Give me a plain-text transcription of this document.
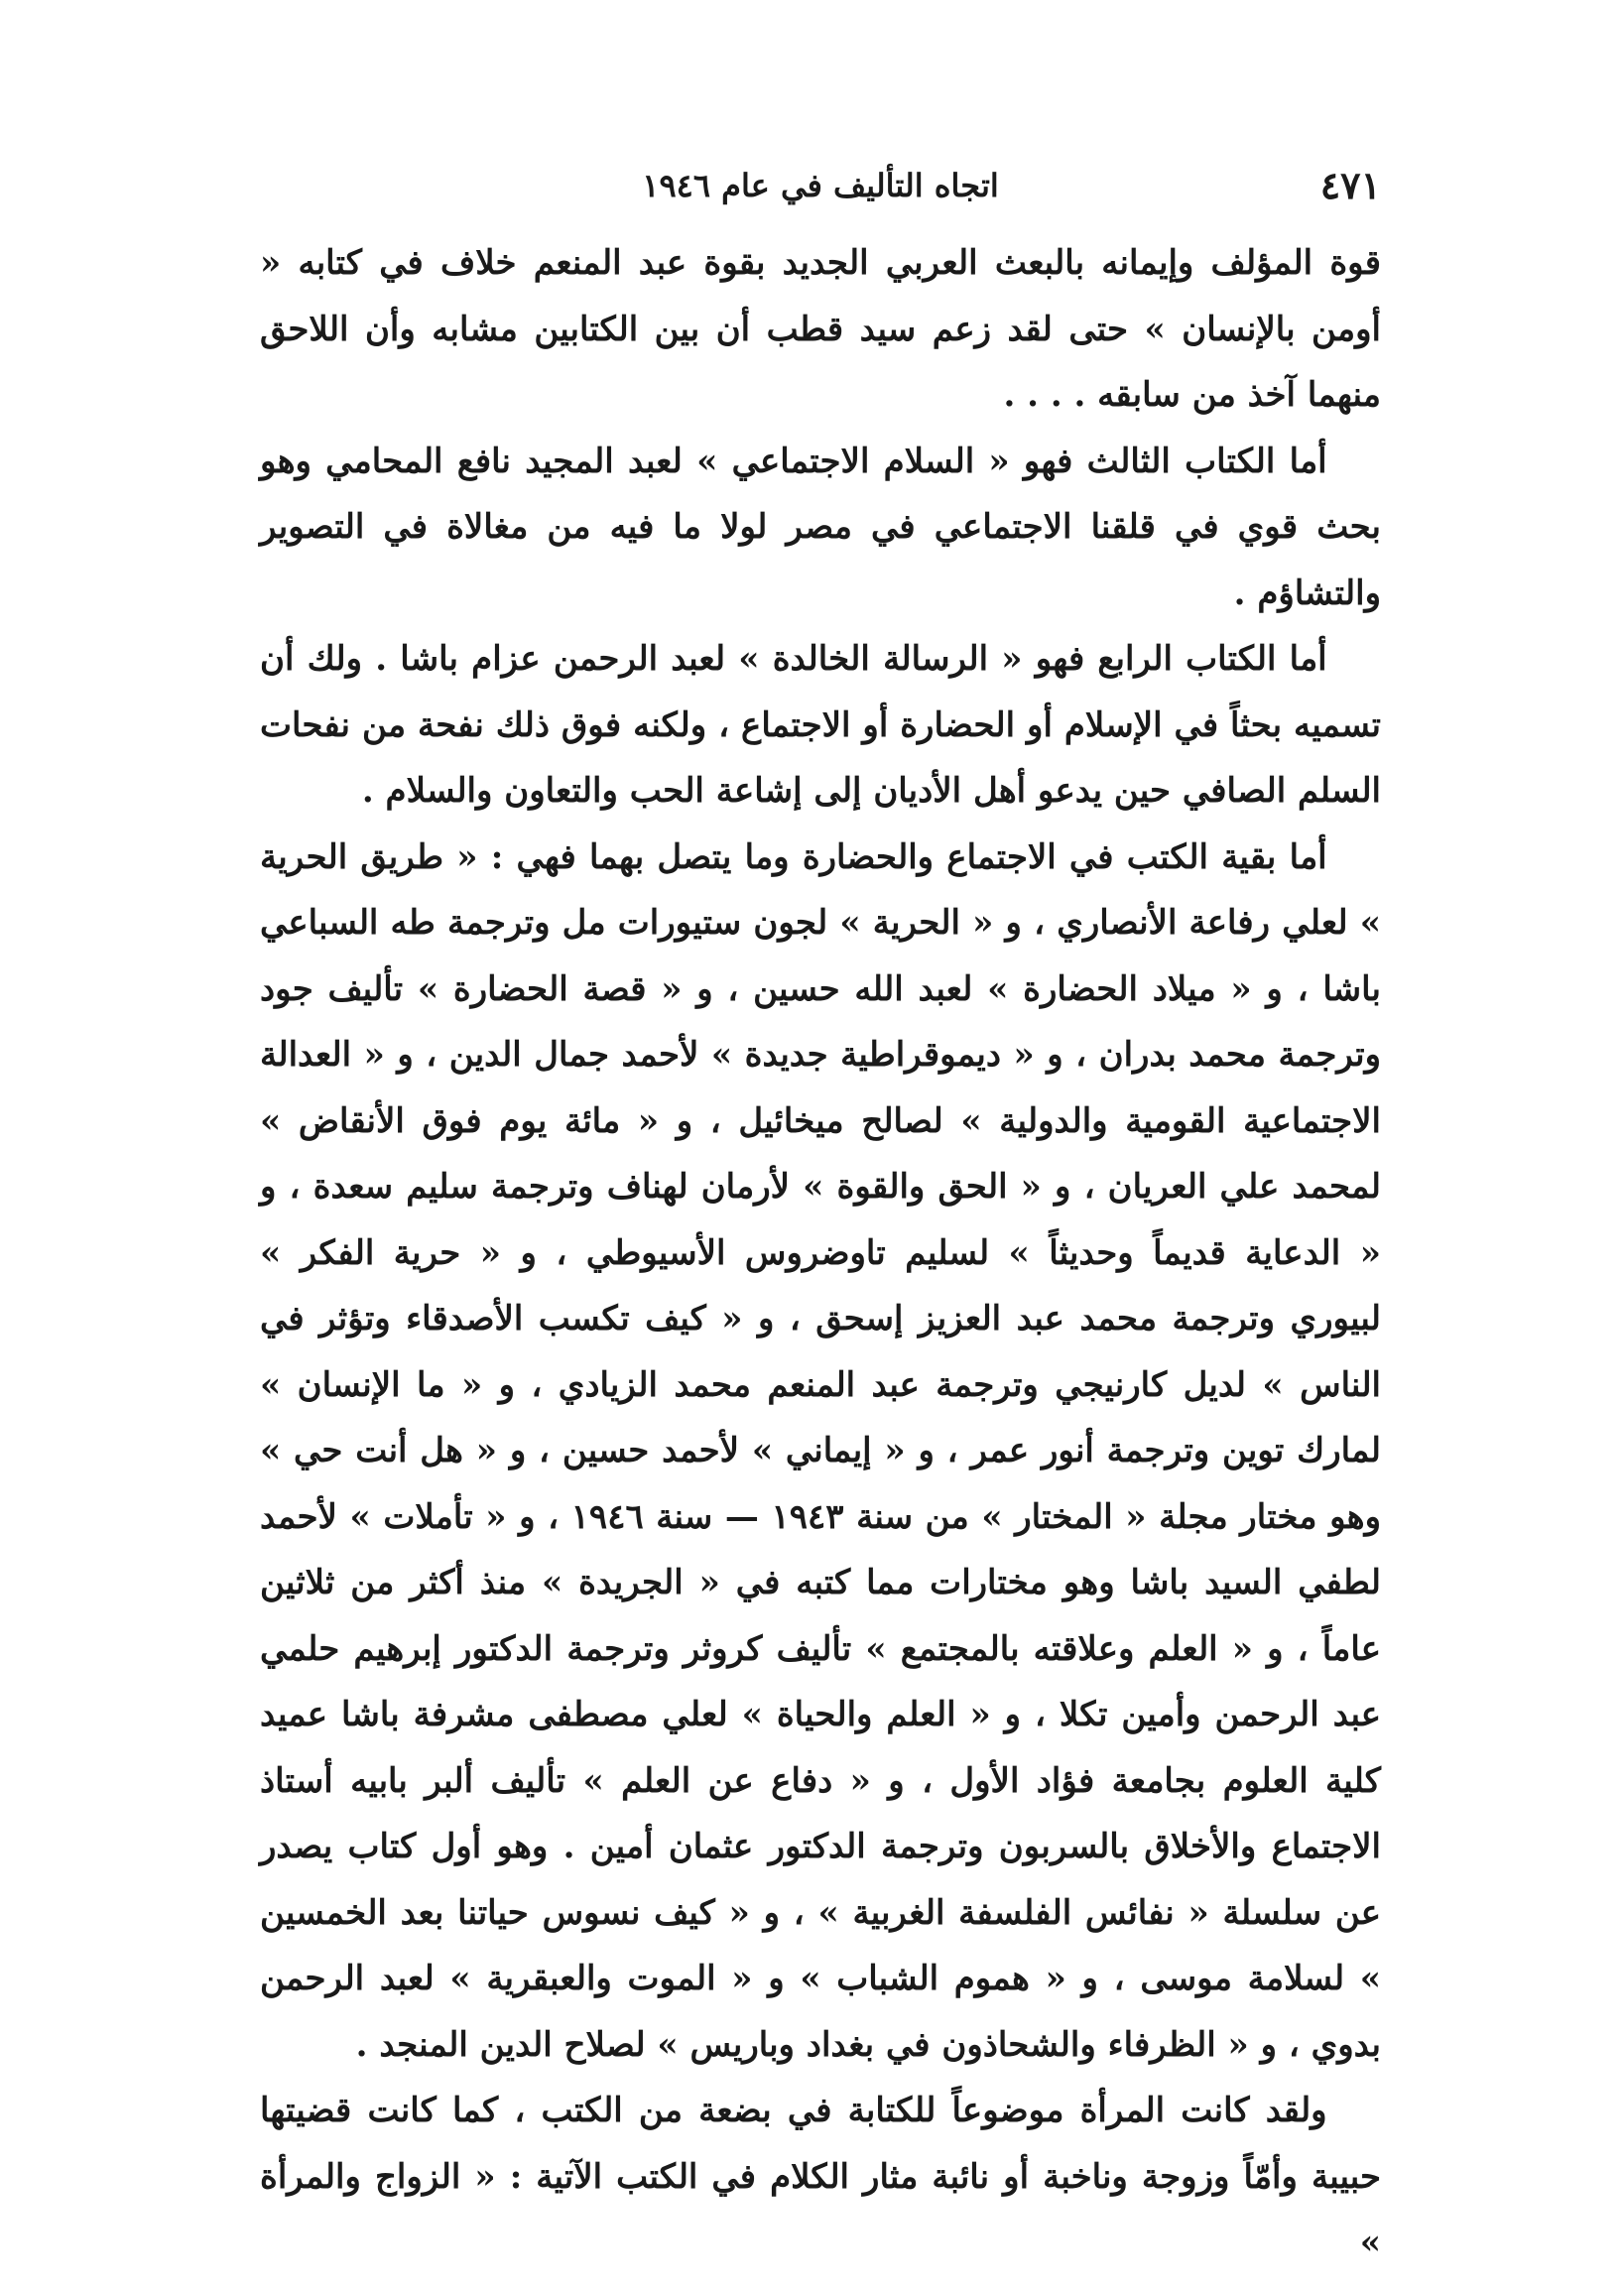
اتجاه التأليف في عام ١٩٤٦	٤٧١

قوة المؤلف وإيمانه بالبعث العربي الجديد بقوة عبد المنعم خلاف في كتابه « أومن بالإنسان » حتى لقد زعم سيد قطب أن بين الكتابين مشابه وأن اللاحق منهما آخذ من سابقه . . . .

أما الكتاب الثالث فهو « السلام الاجتماعي » لعبد المجيد نافع المحامي وهو بحث قوي في قلقنا الاجتماعي في مصر لولا ما فيه من مغالاة في التصوير والتشاؤم .

أما الكتاب الرابع فهو « الرسالة الخالدة » لعبد الرحمن عزام باشا . ولك أن تسميه بحثاً في الإسلام أو الحضارة أو الاجتماع ، ولكنه فوق ذلك نفحة من نفحات السلم الصافي حين يدعو أهل الأديان إلى إشاعة الحب والتعاون والسلام .

أما بقية الكتب في الاجتماع والحضارة وما يتصل بهما فهي : « طريق الحرية » لعلي رفاعة الأنصاري ، و « الحرية » لجون ستيورات مل وترجمة طه السباعي باشا ، و « ميلاد الحضارة » لعبد الله حسين ، و « قصة الحضارة » تأليف جود وترجمة محمد بدران ، و « ديموقراطية جديدة » لأحمد جمال الدين ، و « العدالة الاجتماعية القومية والدولية » لصالح ميخائيل ، و « مائة يوم فوق الأنقاض » لمحمد علي العريان ، و « الحق والقوة » لأرمان لهناف وترجمة سليم سعدة ، و « الدعاية قديماً وحديثاً » لسليم تاوضروس الأسيوطي ، و « حرية الفكر » لبيوري وترجمة محمد عبد العزيز إسحق ، و « كيف تكسب الأصدقاء وتؤثر في الناس » لديل كارنيجي وترجمة عبد المنعم محمد الزيادي ، و « ما الإنسان » لمارك توين وترجمة أنور عمر ، و « إيماني » لأحمد حسين ، و « هل أنت حي » وهو مختار مجلة « المختار » من سنة ١٩٤٣ — سنة ١٩٤٦ ، و « تأملات » لأحمد لطفي السيد باشا وهو مختارات مما كتبه في « الجريدة » منذ أكثر من ثلاثين عاماً ، و « العلم وعلاقته بالمجتمع » تأليف كروثر وترجمة الدكتور إبرهيم حلمي عبد الرحمن وأمين تكلا ، و « العلم والحياة » لعلي مصطفى مشرفة باشا عميد كلية العلوم بجامعة فؤاد الأول ، و « دفاع عن العلم » تأليف ألبر بابيه أستاذ الاجتماع والأخلاق بالسربون وترجمة الدكتور عثمان أمين . وهو أول كتاب يصدر عن سلسلة « نفائس الفلسفة الغربية » ، و « كيف نسوس حياتنا بعد الخمسين » لسلامة موسى ، و « هموم الشباب » و « الموت والعبقرية » لعبد الرحمن بدوي ، و « الظرفاء والشحاذون في بغداد وباريس » لصلاح الدين المنجد .

ولقد كانت المرأة موضوعاً للكتابة في بضعة من الكتب ، كما كانت قضيتها حبيبة وأمّاً وزوجة وناخبة أو نائبة مثار الكلام في الكتب الآتية : « الزواج والمرأة »
